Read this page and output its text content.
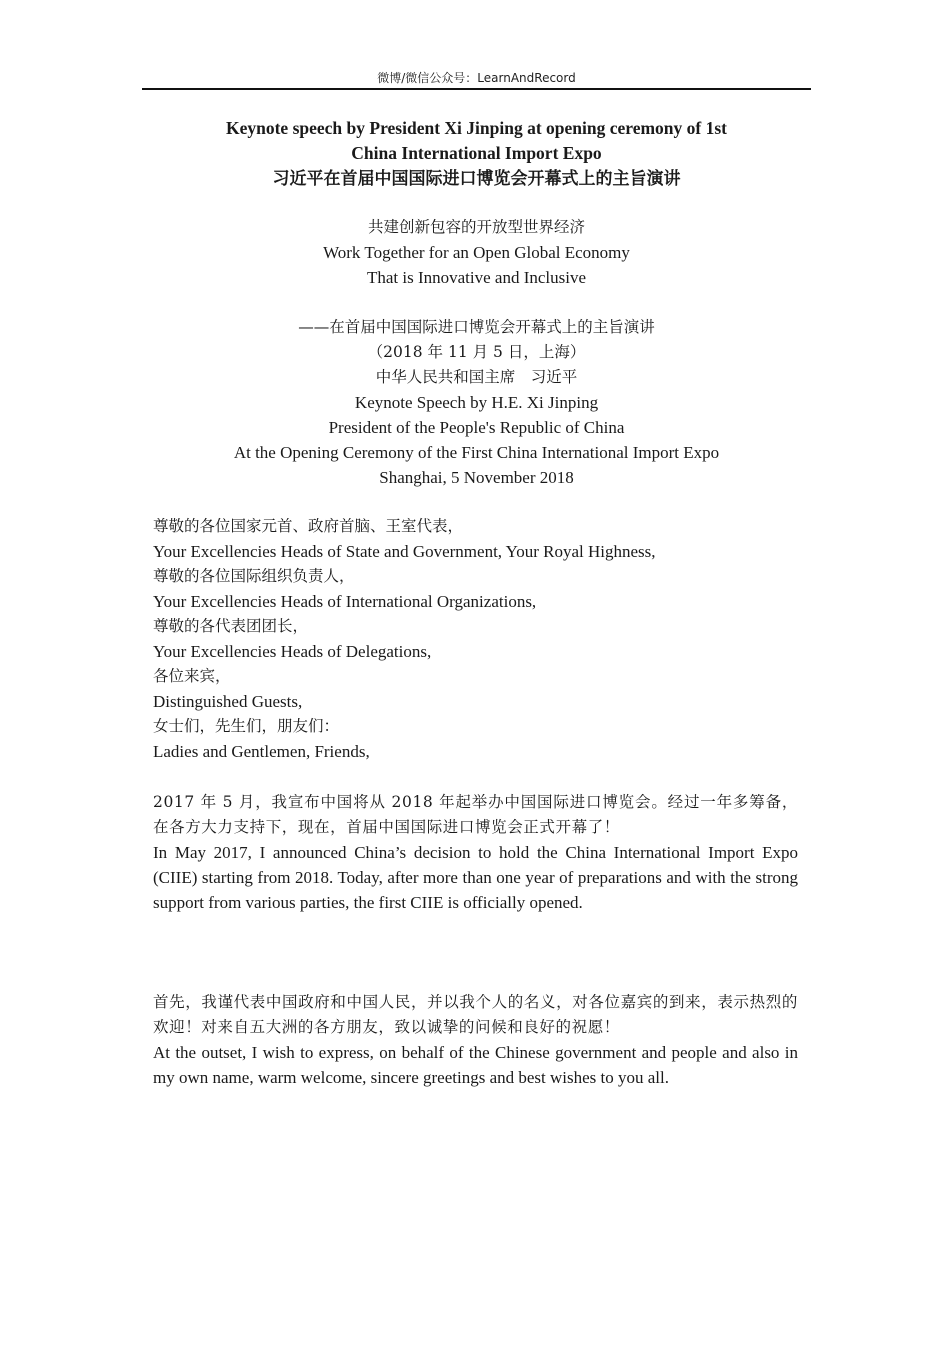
微博/微信公众号：LearnAndRecord

Keynote speech by President Xi Jinping at opening ceremony of 1st

China International Import Expo

习近平在首届中国国际进口博览会开幕式上的主旨演讲

共建创新包容的开放型世界经济

Work Together for an Open Global Economy

That is Innovative and Inclusive

——在首届中国国际进口博览会开幕式上的主旨演讲

（2018 年 11 月 5 日，上海）

中华人民共和国主席　习近平

Keynote Speech by H.E. Xi Jinping

President of the People's Republic of China

At the Opening Ceremony of the First China International Import Expo

Shanghai, 5 November 2018

尊敬的各位国家元首、政府首脑、王室代表，

Your Excellencies Heads of State and Government, Your Royal Highness,

尊敬的各位国际组织负责人，

Your Excellencies Heads of International Organizations,

尊敬的各代表团团长，

Your Excellencies Heads of Delegations,

各位来宾，

Distinguished Guests,

女士们，先生们，朋友们：

Ladies and Gentlemen, Friends,

2017 年 5 月，我宣布中国将从 2018 年起举办中国国际进口博览会。经过一年多筹备，在各方大力支持下，现在，首届中国国际进口博览会正式开幕了！

In May 2017, I announced China’s decision to hold the China International Import Expo (CIIE) starting from 2018. Today, after more than one year of preparations and with the strong support from various parties, the first CIIE is officially opened.

首先，我谨代表中国政府和中国人民，并以我个人的名义，对各位嘉宾的到来，表示热烈的欢迎！对来自五大洲的各方朋友，致以诚挚的问候和良好的祝愿！

At the outset, I wish to express, on behalf of the Chinese government and people and also in my own name, warm welcome, sincere greetings and best wishes to you all.
